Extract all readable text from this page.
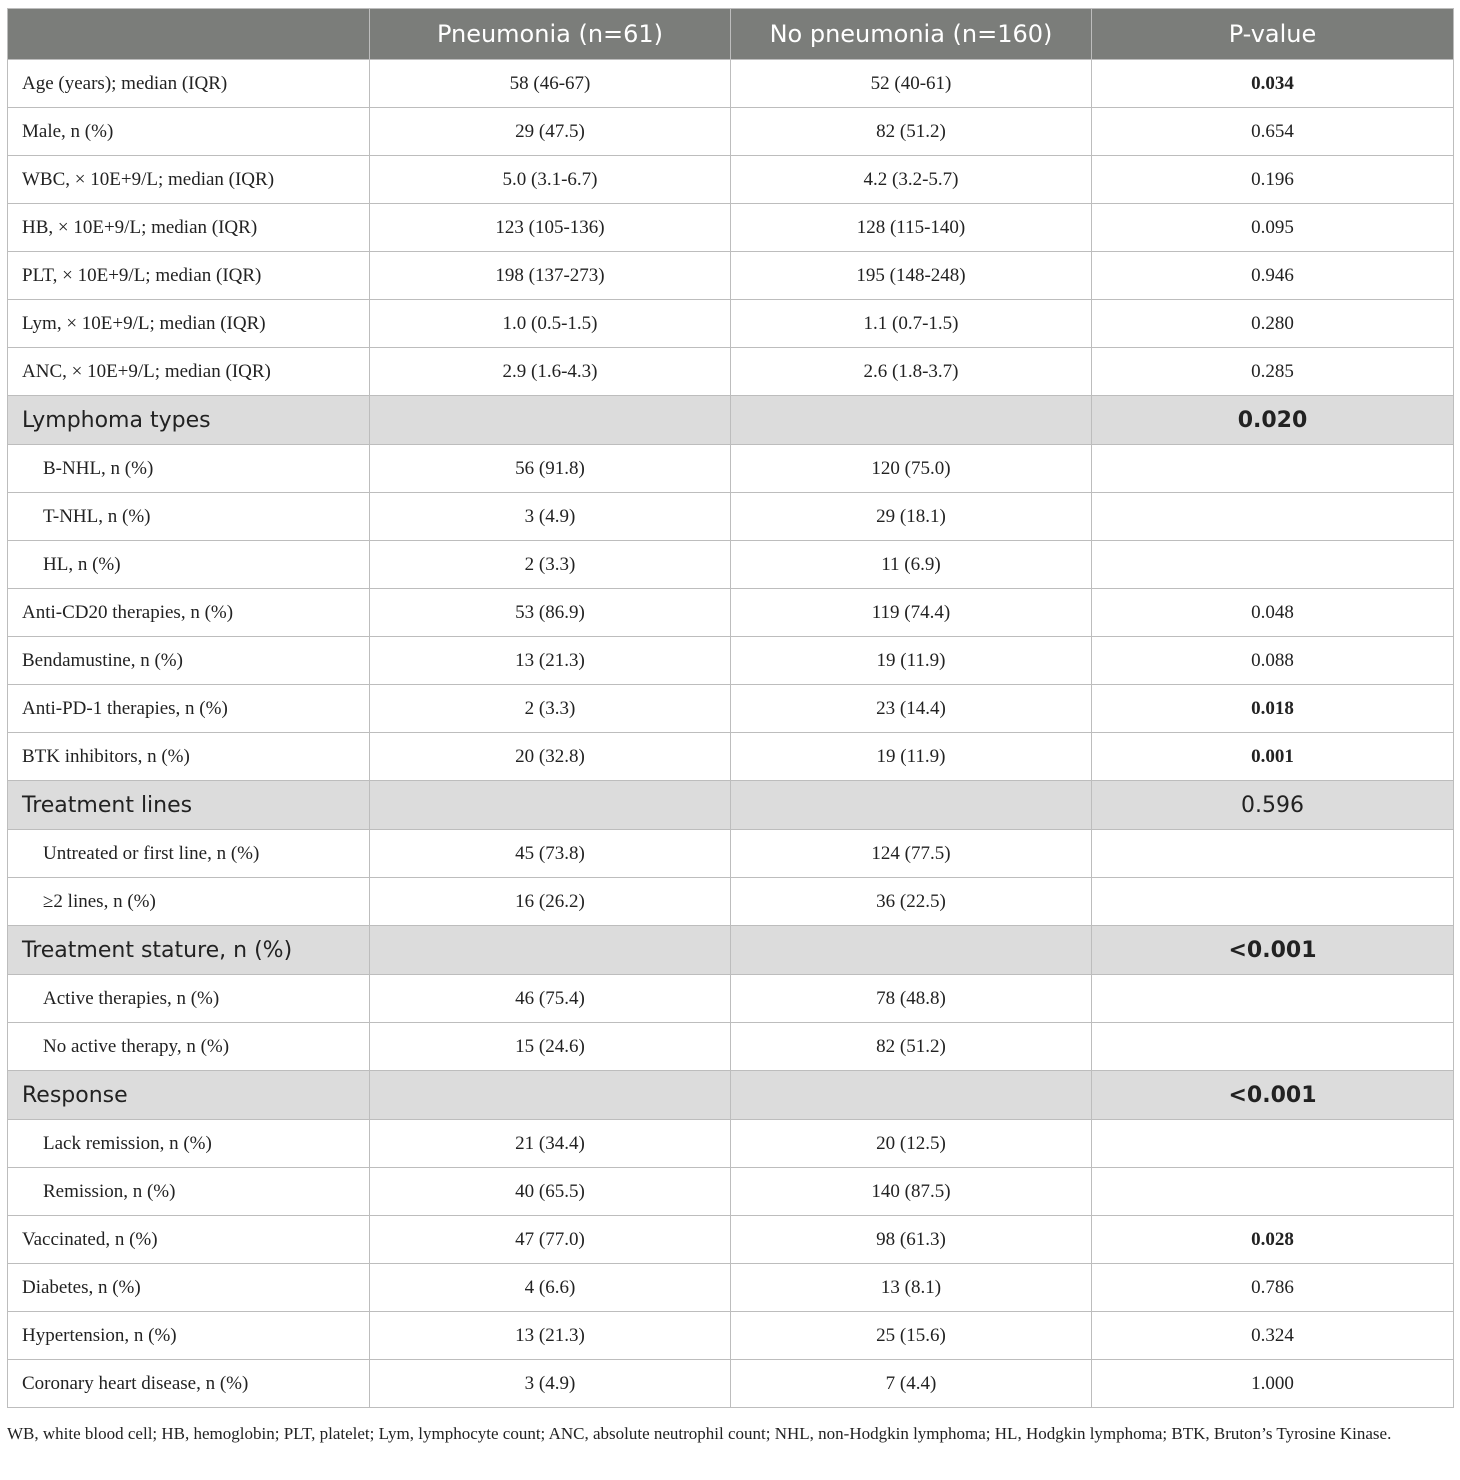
	Pneumonia (n=61)	No pneumonia (n=160)	P-value
Age (years); median (IQR)	58 (46-67)	52 (40-61)	0.034
Male, n (%)	29 (47.5)	82 (51.2)	0.654
WBC, × 10E+9/L; median (IQR)	5.0 (3.1-6.7)	4.2 (3.2-5.7)	0.196
HB, × 10E+9/L; median (IQR)	123 (105-136)	128 (115-140)	0.095
PLT, × 10E+9/L; median (IQR)	198 (137-273)	195 (148-248)	0.946
Lym, × 10E+9/L; median (IQR)	1.0 (0.5-1.5)	1.1 (0.7-1.5)	0.280
ANC, × 10E+9/L; median (IQR)	2.9 (1.6-4.3)	2.6 (1.8-3.7)	0.285
Lymphoma types			0.020
B-NHL, n (%)	56 (91.8)	120 (75.0)	
T-NHL, n (%)	3 (4.9)	29 (18.1)	
HL, n (%)	2 (3.3)	11 (6.9)	
Anti-CD20 therapies, n (%)	53 (86.9)	119 (74.4)	0.048
Bendamustine, n (%)	13 (21.3)	19 (11.9)	0.088
Anti-PD-1 therapies, n (%)	2 (3.3)	23 (14.4)	0.018
BTK inhibitors, n (%)	20 (32.8)	19 (11.9)	0.001
Treatment lines			0.596
Untreated or first line, n (%)	45 (73.8)	124 (77.5)	
≥2 lines, n (%)	16 (26.2)	36 (22.5)	
Treatment stature, n (%)			<0.001
Active therapies, n (%)	46 (75.4)	78 (48.8)	
No active therapy, n (%)	15 (24.6)	82 (51.2)	
Response			<0.001
Lack remission, n (%)	21 (34.4)	20 (12.5)	
Remission, n (%)	40 (65.5)	140 (87.5)	
Vaccinated, n (%)	47 (77.0)	98 (61.3)	0.028
Diabetes, n (%)	4 (6.6)	13 (8.1)	0.786
Hypertension, n (%)	13 (21.3)	25 (15.6)	0.324
Coronary heart disease, n (%)	3 (4.9)	7 (4.4)	1.000
WB, white blood cell; HB, hemoglobin; PLT, platelet; Lym, lymphocyte count; ANC, absolute neutrophil count; NHL, non-Hodgkin lymphoma; HL, Hodgkin lymphoma; BTK, Bruton’s Tyrosine Kinase.
